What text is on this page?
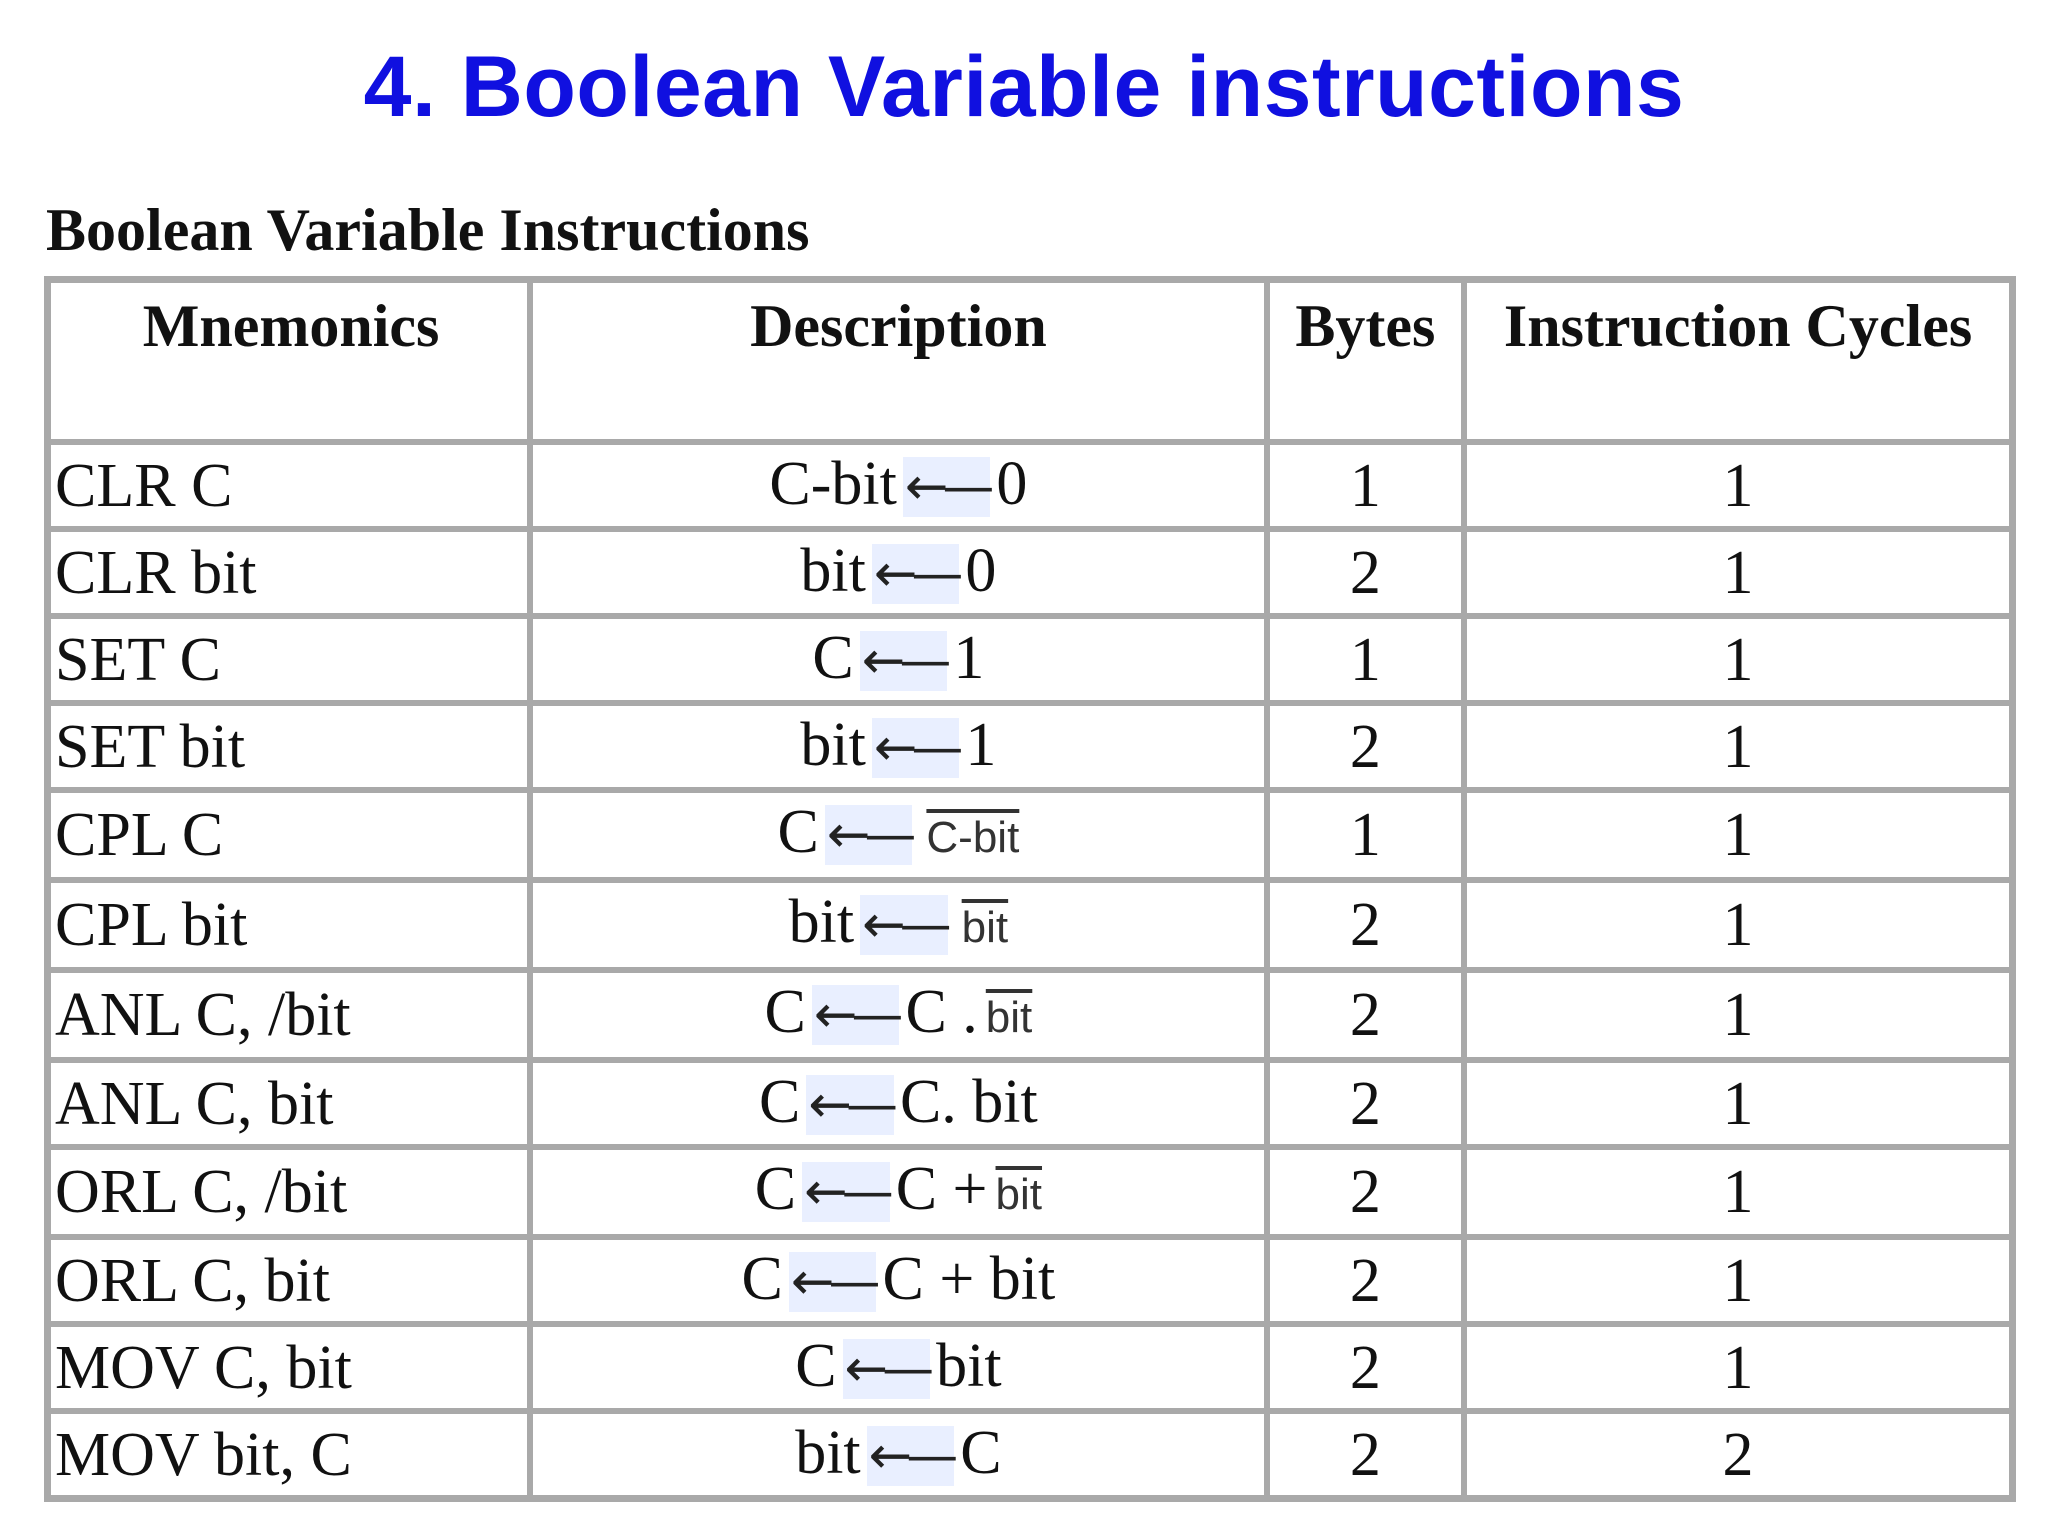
4. Boolean Variable instructions
Boolean Variable Instructions
Mnemonics	Description	Bytes	Instruction Cycles
CLR C	C-bit ←— 0	1	1
CLR bit	bit ←— 0	2	1
SET C	C ←— 1	1	1
SET bit	bit ←— 1	2	1
CPL C	C ←— C-bit	1	1
CPL bit	bit ←— $\overline{bit}$	2	1
ANL C, /bit	C ←— C . $\overline{bit}$	2	1
ANL C, bit	C ←— C. bit	2	1
ORL C, /bit	C ←— $C + \overline{bit}$	2	1
ORL C, bit	C ←— C + bit	2	1
MOV C, bit	C ←— bit	2	1
MOV bit, C	bit ←— C	2	2
